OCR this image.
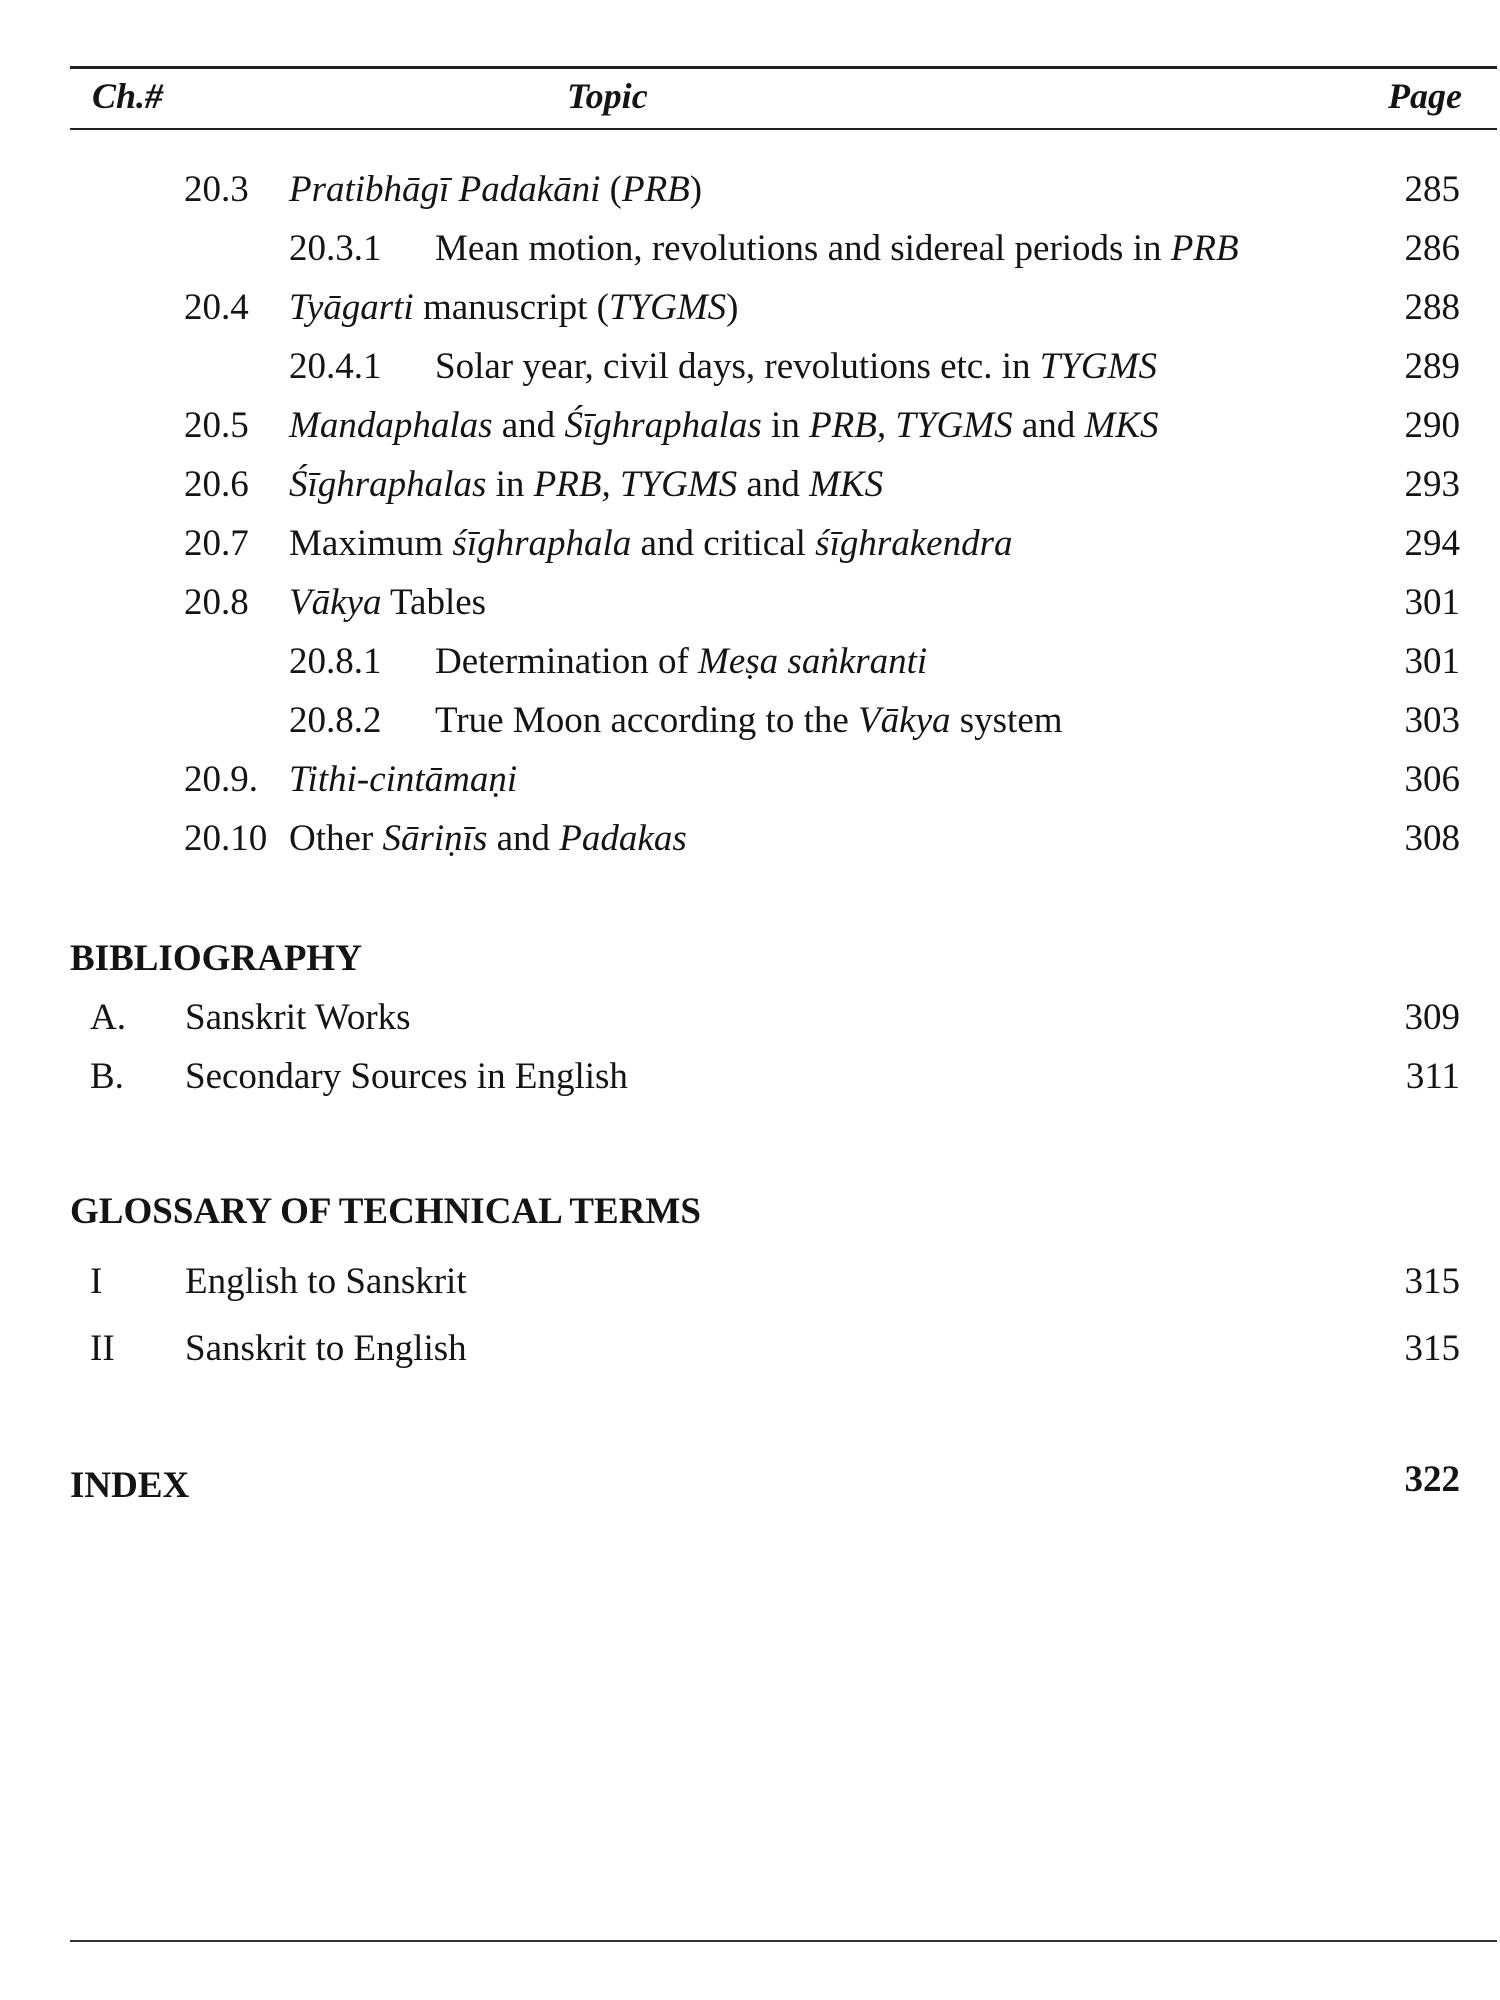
Ch.#	Topic	Page
20.3 Pratibhāgī Padakāni (PRB)	285
20.3.1 Mean motion, revolutions and sidereal periods in PRB	286
20.4 Tyāgarti manuscript (TYGMS)	288
20.4.1 Solar year, civil days, revolutions etc. in TYGMS	289
20.5 Mandaphalas and Śīghraphalas in PRB, TYGMS and MKS	290
20.6 Śīghraphalas in PRB, TYGMS and MKS	293
20.7 Maximum śīghraphala and critical śīghrakendra	294
20.8 Vākya Tables	301
20.8.1 Determination of Meṣa saṅkranti	301
20.8.2 True Moon according to the Vākya system	303
20.9. Tithi-cintāmaṇi	306
20.10 Other Sāriṇīs and Padakas	308
BIBLIOGRAPHY
A. Sanskrit Works	309
B. Secondary Sources in English	311
GLOSSARY OF TECHNICAL TERMS
I English to Sanskrit	315
II Sanskrit to English	315
INDEX	322
